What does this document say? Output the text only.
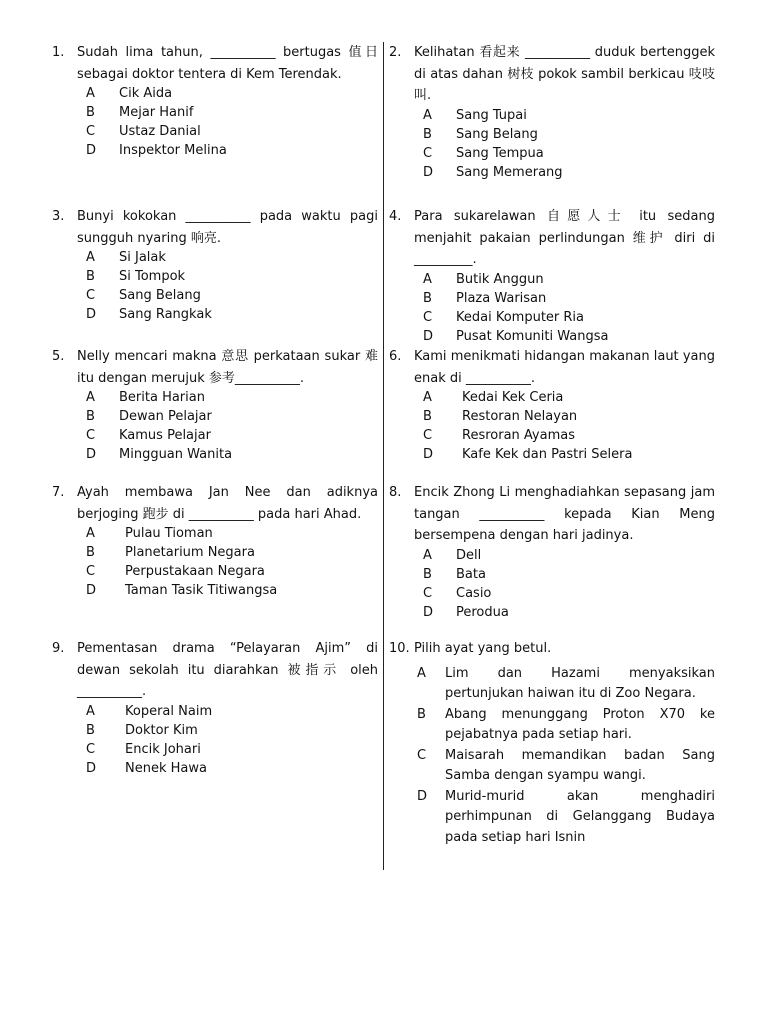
1. Sudah lima tahun, __________ bertugas 值日 sebagai doktor tentera di Kem Terendak.
A	Cik Aida
B	Mejar Hanif
C	Ustaz Danial
D	Inspektor Melina
2. Kelihatan 看起来 __________ duduk bertenggek di atas dahan 树枝 pokok sambil berkicau 吱吱叫.
A	Sang Tupai
B	Sang Belang
C	Sang Tempua
D	Sang Memerang
3. Bunyi kokokan __________ pada waktu pagi sungguh nyaring 响亮.
A	Si Jalak
B	Si Tompok
C	Sang Belang
D	Sang Rangkak
4. Para sukarelawan 自愿人士 itu sedang menjahit pakaian perlindungan 维护 diri di _________.
A	Butik Anggun
B	Plaza Warisan
C	Kedai Komputer Ria
D	Pusat Komuniti Wangsa
5. Nelly mencari makna 意思 perkataan sukar 难 itu dengan merujuk 参考__________.
A	Berita Harian
B	Dewan Pelajar
C	Kamus Pelajar
D	Mingguan Wanita
6. Kami menikmati hidangan makanan laut yang enak di __________.
A	Kedai Kek Ceria
B	Restoran Nelayan
C	Resroran Ayamas
D	Kafe Kek dan Pastri Selera
7. Ayah membawa Jan Nee dan adiknya berjoging 跑步 di __________ pada hari Ahad.
A	Pulau Tioman
B	Planetarium Negara
C	Perpustakaan Negara
D	Taman Tasik Titiwangsa
8. Encik Zhong Li menghadiahkan sepasang jam tangan __________ kepada Kian Meng bersempena dengan hari jadinya.
A	Dell
B	Bata
C	Casio
D	Perodua
9. Pementasan drama “Pelayaran Ajim” di dewan sekolah itu diarahkan 被指示 oleh __________.
A	Koperal Naim
B	Doktor Kim
C	Encik Johari
D	Nenek Hawa
10. Pilih ayat yang betul.
A	Lim dan Hazami menyaksikan pertunjukan haiwan itu di Zoo Negara.
B	Abang menunggang Proton X70 ke pejabatnya pada setiap hari.
C	Maisarah memandikan badan Sang Samba dengan syampu wangi.
D	Murid-murid akan menghadiri perhimpunan di Gelanggang Budaya pada setiap hari Isnin
